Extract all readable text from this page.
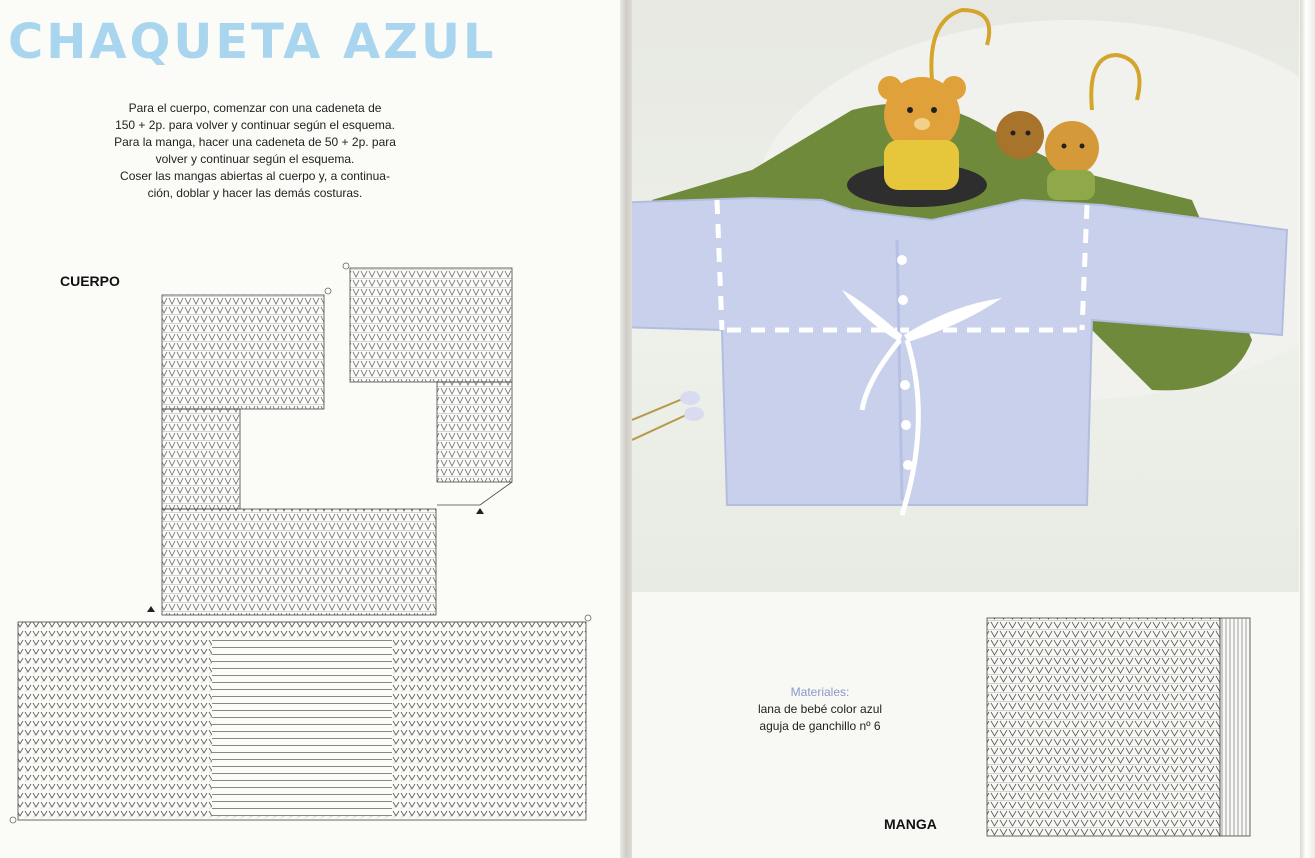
CHAQUETA AZUL
Para el cuerpo, comenzar con una cadeneta de
150 + 2p. para volver y continuar según el esquema.
Para la manga, hacer una cadeneta de 50 + 2p. para
volver y continuar según el esquema.
Coser las mangas abiertas al cuerpo y, a continua-
ción, doblar y hacer las demás costuras.

CUERPO

Materiales:
lana de bebé color azul
aguja de ganchillo nº 6

MANGA
